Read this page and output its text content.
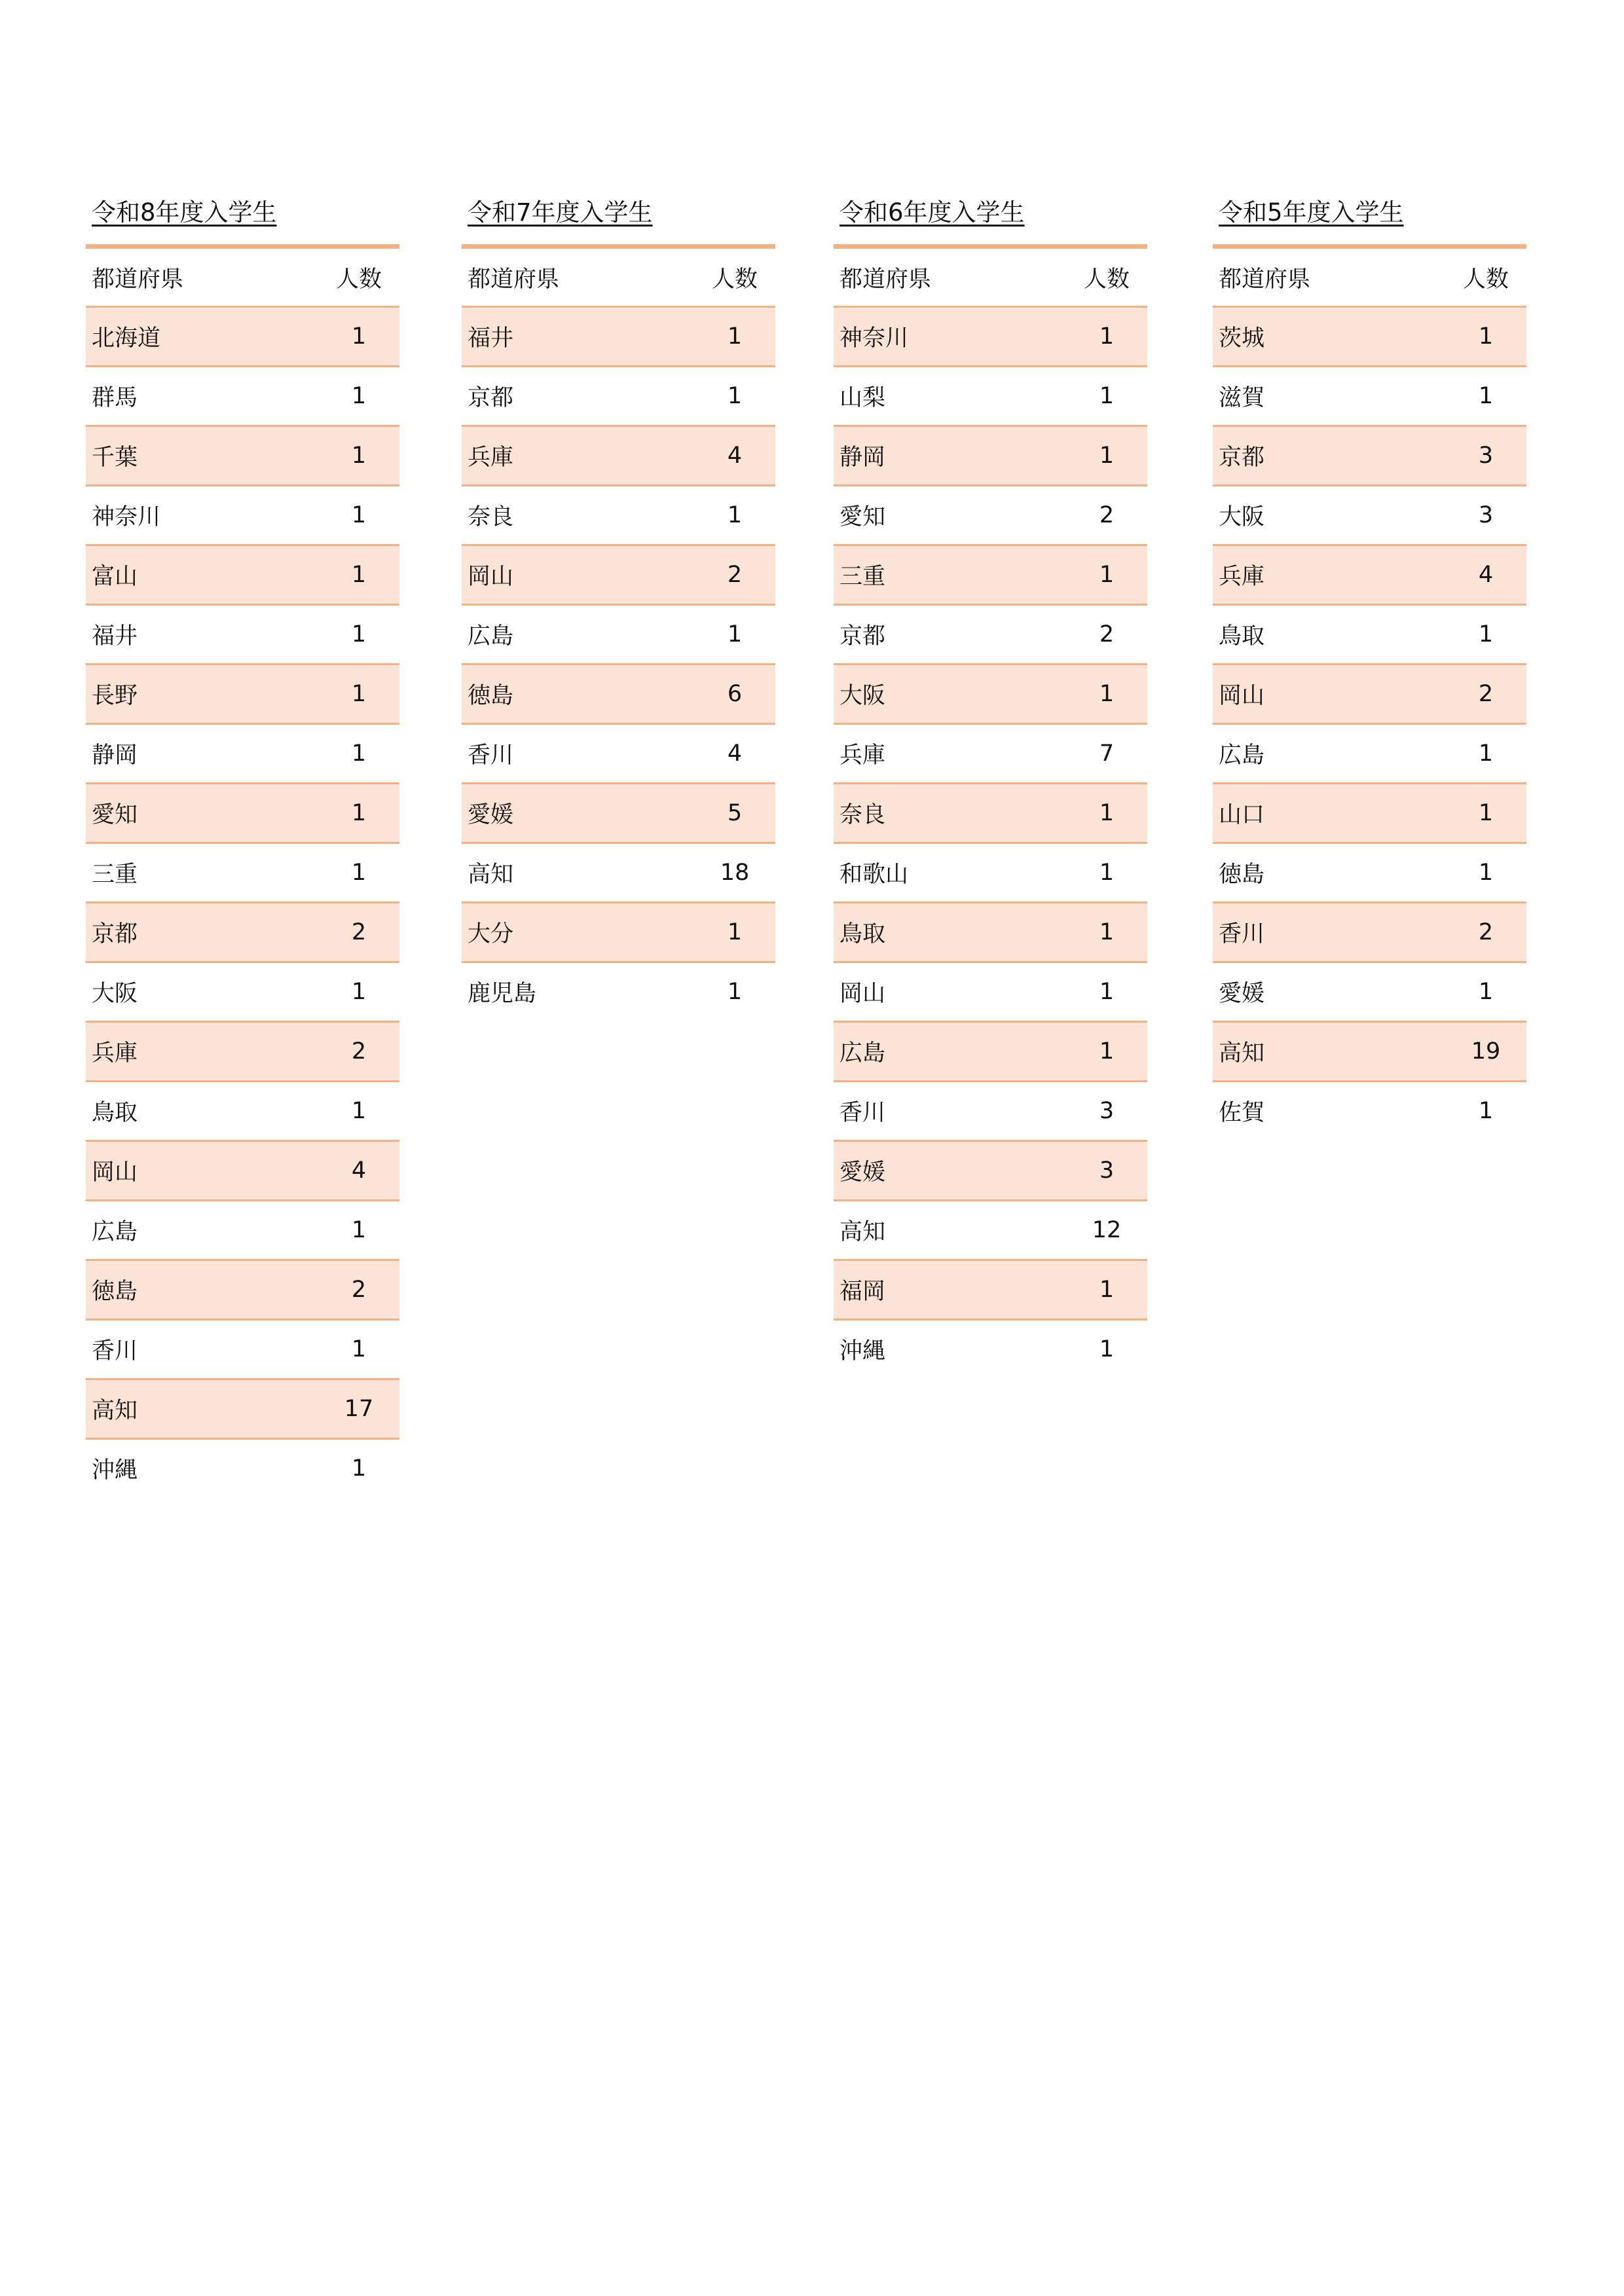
令和8年度入学生
都道府県	人数
北海道	1
群馬	1
千葉	1
神奈川	1
富山	1
福井	1
長野	1
静岡	1
愛知	1
三重	1
京都	2
大阪	1
兵庫	2
鳥取	1
岡山	4
広島	1
徳島	2
香川	1
高知	17
沖縄	1
令和7年度入学生
都道府県	人数
福井	1
京都	1
兵庫	4
奈良	1
岡山	2
広島	1
徳島	6
香川	4
愛媛	5
高知	18
大分	1
鹿児島	1
令和6年度入学生
都道府県	人数
神奈川	1
山梨	1
静岡	1
愛知	2
三重	1
京都	2
大阪	1
兵庫	7
奈良	1
和歌山	1
鳥取	1
岡山	1
広島	1
香川	3
愛媛	3
高知	12
福岡	1
沖縄	1
令和5年度入学生
都道府県	人数
茨城	1
滋賀	1
京都	3
大阪	3
兵庫	4
鳥取	1
岡山	2
広島	1
山口	1
徳島	1
香川	2
愛媛	1
高知	19
佐賀	1
